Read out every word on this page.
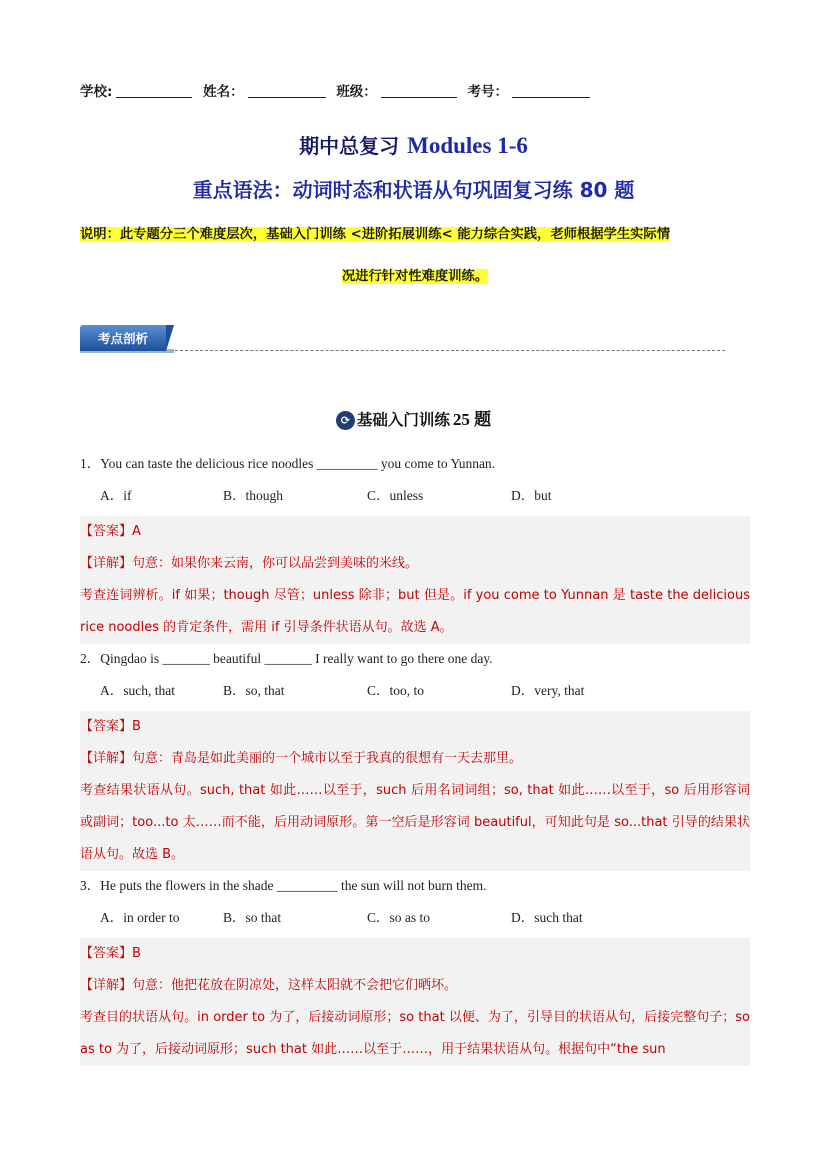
学校:	姓名：	班级：	考号：
期中总复习 Modules 1-6
重点语法：动词时态和状语从句巩固复习练 80 题
说明：此专题分三个难度层次，基础入门训练 <进阶拓展训练< 能力综合实践，老师根据学生实际情
况进行针对性难度训练。
考点剖析
⟳ 基础入门训练 25 题
1．You can taste the delicious rice noodles _________ you come to Yunnan.
A．if	B．though	C．unless	D．but
【答案】A
【详解】句意：如果你来云南，你可以品尝到美味的米线。
考查连词辨析。if 如果；though 尽管；unless 除非；but 但是。if you come to Yunnan 是 taste the delicious rice noodles 的肯定条件，需用 if 引导条件状语从句。故选 A。
2．Qingdao is _______ beautiful _______ I really want to go there one day.
A．such, that	B．so, that	C．too, to	D．very, that
【答案】B
【详解】句意：青岛是如此美丽的一个城市以至于我真的很想有一天去那里。
考查结果状语从句。such, that 如此……以至于，such 后用名词词组；so, that 如此……以至于，so 后用形容词或副词；too...to 太……而不能，后用动词原形。第一空后是形容词 beautiful，可知此句是 so...that 引导的结果状语从句。故选 B。
3．He puts the flowers in the shade _________ the sun will not burn them.
A．in order to	B．so that	C．so as to	D．such that
【答案】B
【详解】句意：他把花放在阴凉处，这样太阳就不会把它们晒坏。
考查目的状语从句。in order to 为了，后接动词原形；so that 以便、为了，引导目的状语从句，后接完整句子；so as to 为了，后接动词原形；such that 如此……以至于……，用于结果状语从句。根据句中“the sun
